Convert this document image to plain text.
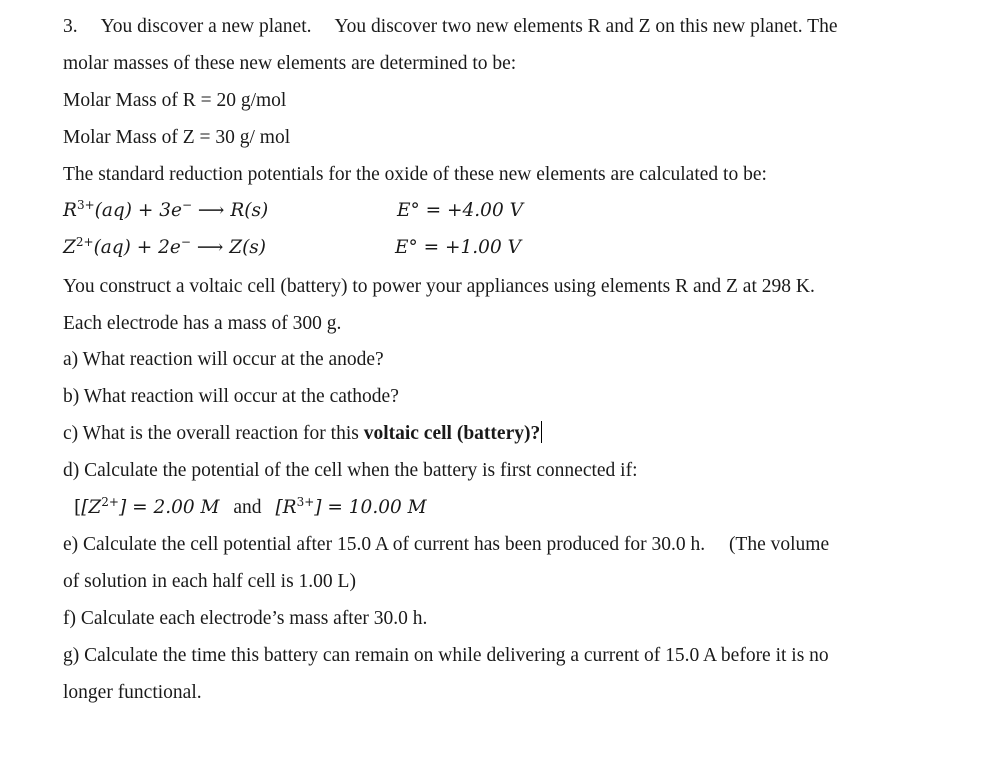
3. You discover a new planet. You discover two new elements R and Z on this new planet. The
molar masses of these new elements are determined to be:
Molar Mass of R = 20 g/mol
Molar Mass of Z = 30 g/ mol
The standard reduction potentials for the oxide of these new elements are calculated to be:
$R^{3+}(aq) + 3e^-$ ⟶ R(s)	E° = +4.00 V
$Z^{2+}(aq) + 2e^-$ ⟶ Z(s)	E° = +1.00 V
You construct a voltaic cell (battery) to power your appliances using elements R and Z at 298 K.
Each electrode has a mass of 300 g.
a) What reaction will occur at the anode?
b) What reaction will occur at the cathode?
c) What is the overall reaction for this voltaic cell (battery)?
d) Calculate the potential of the cell when the battery is first connected if:
[$[Z^{2+}] = 2.00$ M and $[R^{3+}] = 10.00$ M
e) Calculate the cell potential after 15.0 A of current has been produced for 30.0 h. (The volume
of solution in each half cell is 1.00 L)
f) Calculate each electrode’s mass after 30.0 h.
g) Calculate the time this battery can remain on while delivering a current of 15.0 A before it is no
longer functional.
